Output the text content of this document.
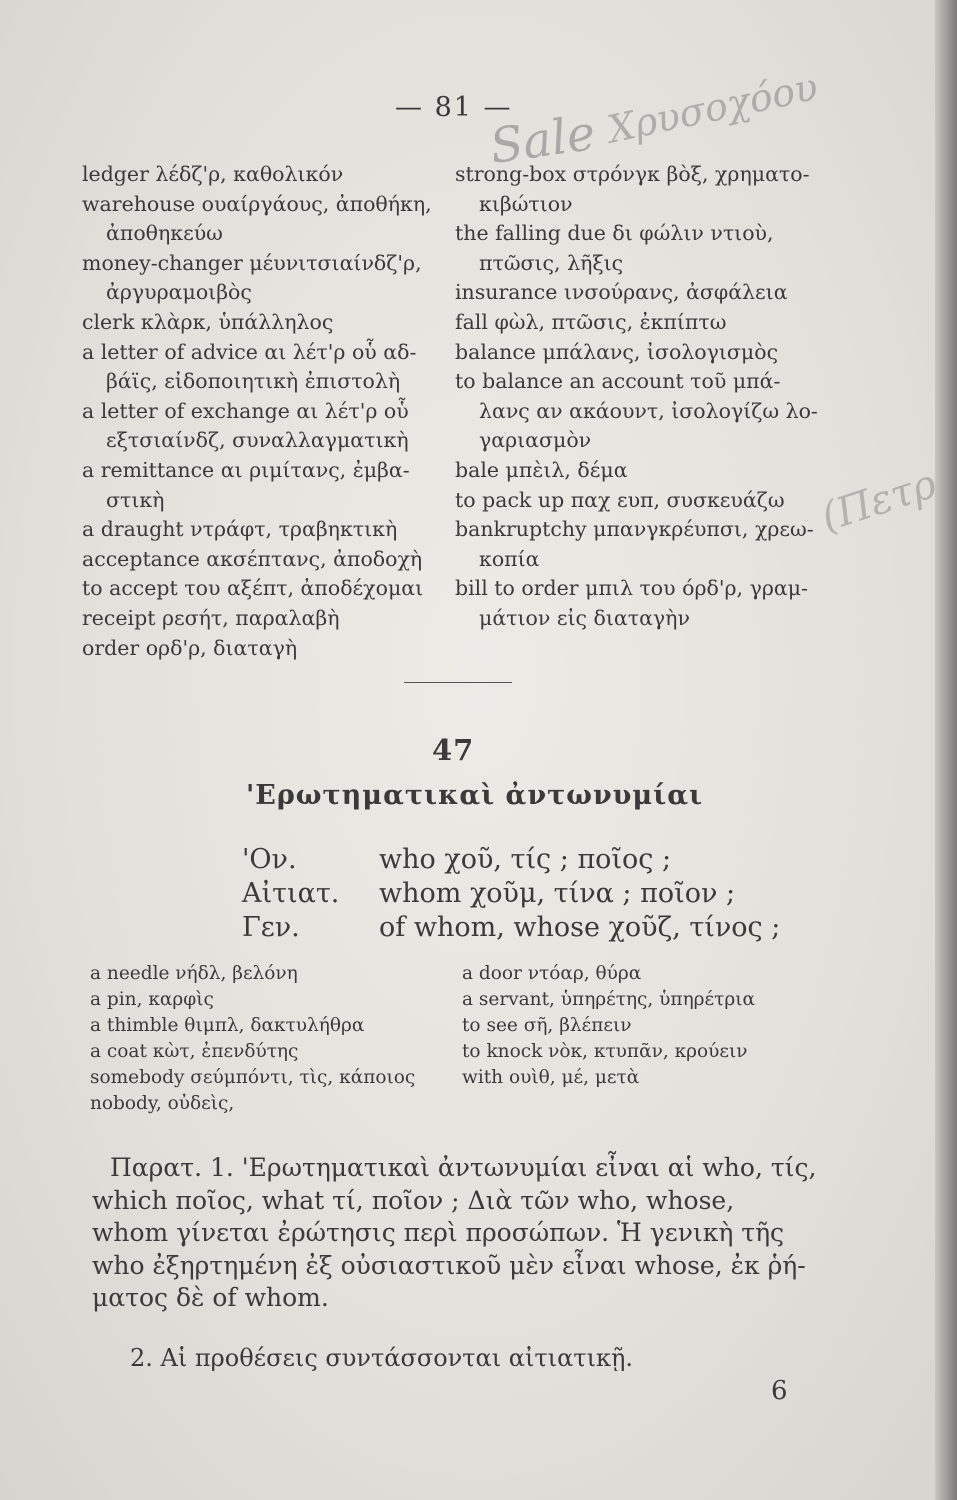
— 81 —
Sale Χρυσοχόου
(Πετρ
ledger λέδζ'ρ, καθολικόν
warehouse ουαίργάους, ἀποθήκη,
ἀποθηκεύω
money-changer μέυνιτσιαίνδζ'ρ,
ἀργυραμοιβὸς
clerk κλὰρκ, ὑπάλληλος
a letter of advice αι λέτ'ρ οὗ αδ-
βάϊς, εἰδοποιητικὴ ἐπιστολὴ
a letter of exchange αι λέτ'ρ οὗ
εξτσιαίνδζ, συναλλαγματικὴ
a remittance αι ριμίτανς, ἐμβα-
στικὴ
a draught ντράφτ, τραβηκτικὴ
acceptance ακσέπτανς, ἀποδοχὴ
to accept του αξέπτ, ἀποδέχομαι
receipt ρεσήτ, παραλαβὴ
order ορδ'ρ, διαταγὴ
strong-box στρόνγκ βὸξ, χρηματο-
κιβώτιον
the falling due δι φώλιν ντιοὺ,
πτῶσις, λῆξις
insurance ινσούρανς, ἀσφάλεια
fall φὼλ, πτῶσις, ἐκπίπτω
balance μπάλανς, ἰσολογισμὸς
to balance an account τοῦ μπά-
λανς αν ακάουντ, ἰσολογίζω λο-
γαριασμὸν
bale μπὲιλ, δέμα
to pack up παχ ευπ, συσκευάζω
bankruptchy μπανγκρέυπσι, χρεω-
κοπία
bill to order μπιλ του όρδ'ρ, γραμ-
μάτιον εἰς διαταγὴν
47
'Ερωτηματικαὶ ἀντωνυμίαι
'Ον.	who χοῦ, τίς ; ποῖος ;
Αἰτιατ.	whom χοῦμ, τίνα ; ποῖον ;
Γεν.	of whom, whose χοῦζ, τίνος ;
a needle νήδλ, βελόνη
a pin, καρφὶς
a thimble θιμπλ, δακτυλήθρα
a coat κὼτ, ἐπενδύτης
somebody σεύμπόντι, τὶς, κάποιος
nobody, οὐδεὶς,
a door ντόαρ, θύρα
a servant, ὑπηρέτης, ὑπηρέτρια
to see σῆ, βλέπειν
to knock νὸκ, κτυπᾶν, κρούειν
with ουὶθ, μέ, μετὰ
Παρατ. 1. 'Ερωτηματικαὶ ἀντωνυμίαι εἶναι αἱ who, τίς,
which ποῖος, what τί, ποῖον ; Διὰ τῶν who, whose,
whom γίνεται ἐρώτησις περὶ προσώπων. Ἡ γενικὴ τῆς
who ἐξηρτημένη ἐξ οὐσιαστικοῦ μὲν εἶναι whose, ἐκ ῥή-
ματος δὲ of whom.
2. Αἱ προθέσεις συντάσσονται αἰτιατικῇ.
6
